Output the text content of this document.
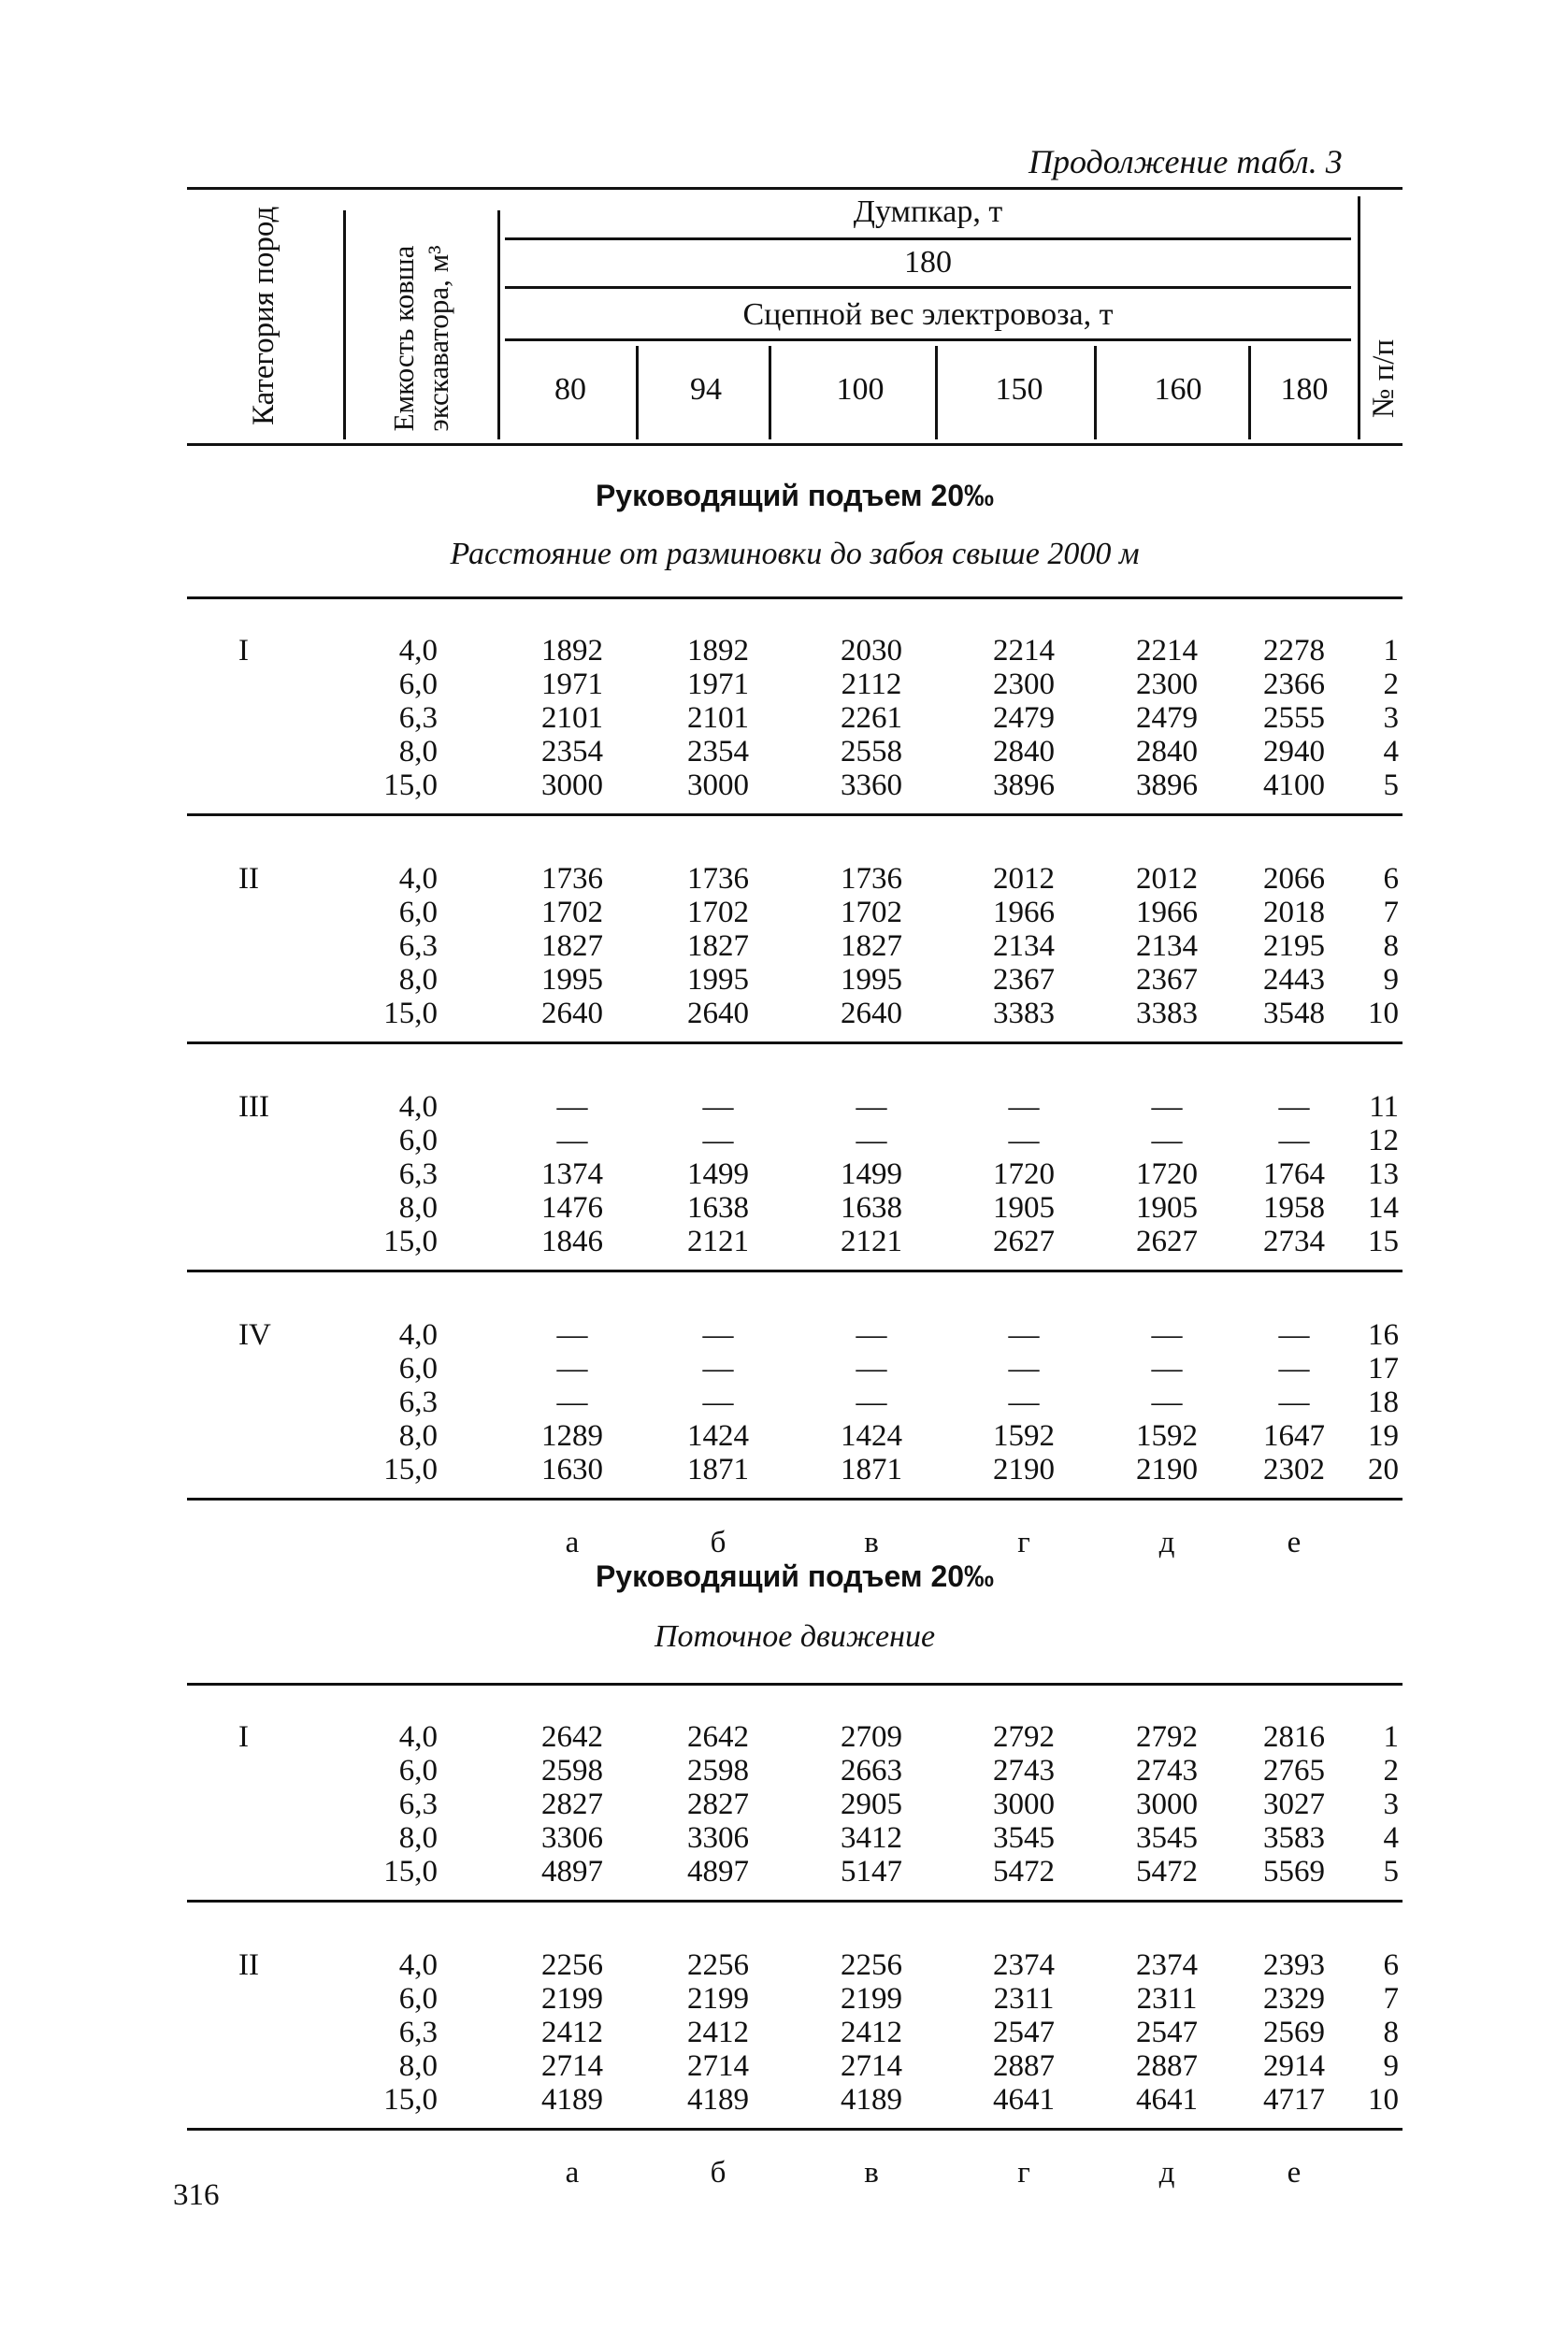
Продолжение табл. 3
Категория пород	Емкость ковша экскаватора, м³
Думпкар, т
180
Сцепной вес электровоза, т
80	94	100	150	160	180	№ п/п
Руководящий подъем 20‰
Расстояние от разминовки до забоя свыше 2000 м
I	4,0	1892	1892	2030	2214	2214	2278	1
6,0	1971	1971	2112	2300	2300	2366	2
6,3	2101	2101	2261	2479	2479	2555	3
8,0	2354	2354	2558	2840	2840	2940	4
15,0	3000	3000	3360	3896	3896	4100	5
II	4,0	1736	1736	1736	2012	2012	2066	6
6,0	1702	1702	1702	1966	1966	2018	7
6,3	1827	1827	1827	2134	2134	2195	8
8,0	1995	1995	1995	2367	2367	2443	9
15,0	2640	2640	2640	3383	3383	3548	10
III	4,0	—	—	—	—	—	—	11
6,0	—	—	—	—	—	—	12
6,3	1374	1499	1499	1720	1720	1764	13
8,0	1476	1638	1638	1905	1905	1958	14
15,0	1846	2121	2121	2627	2627	2734	15
IV	4,0	—	—	—	—	—	—	16
6,0	—	—	—	—	—	—	17
6,3	—	—	—	—	—	—	18
8,0	1289	1424	1424	1592	1592	1647	19
15,0	1630	1871	1871	2190	2190	2302	20
а	б	в	г	д	е
Руководящий подъем 20‰
Поточное движение
I	4,0	2642	2642	2709	2792	2792	2816	1
6,0	2598	2598	2663	2743	2743	2765	2
6,3	2827	2827	2905	3000	3000	3027	3
8,0	3306	3306	3412	3545	3545	3583	4
15,0	4897	4897	5147	5472	5472	5569	5
II	4,0	2256	2256	2256	2374	2374	2393	6
6,0	2199	2199	2199	2311	2311	2329	7
6,3	2412	2412	2412	2547	2547	2569	8
8,0	2714	2714	2714	2887	2887	2914	9
15,0	4189	4189	4189	4641	4641	4717	10
а	б	в	г	д	е
316
